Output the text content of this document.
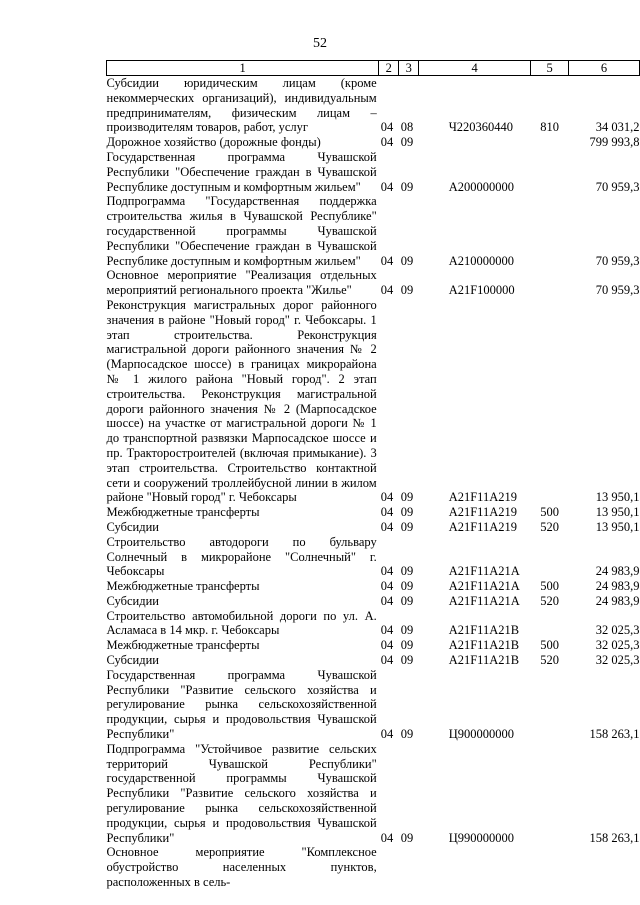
52
1	2	3	4	5	6
Субсидии юридическим лицам (кроме некоммерческих организаций), индивидуальным предпринимателям, физическим лицам – производителям товаров, работ, услуг	04	08	Ч220360440	810	34 031,2
Дорожное хозяйство (дорожные фонды)	04	09			799 993,8
Государственная программа Чувашской Республики "Обеспечение граждан в Чувашской Республике доступным и комфортным жильем"	04	09	А200000000		70 959,3
Подпрограмма "Государственная поддержка строительства жилья в Чувашской Республике" государственной программы Чувашской Республики "Обеспечение граждан в Чувашской Республике доступным и комфортным жильем"	04	09	А210000000		70 959,3
Основное мероприятие "Реализация отдельных мероприятий регионального проекта "Жилье"	04	09	А21F100000		70 959,3
Реконструкция магистральных дорог районного значения в районе "Новый город" г. Чебоксары. 1 этап строительства. Реконструкция магистральной дороги районного значения № 2 (Марпосадское шоссе) в границах микрорайона № 1 жилого района "Новый город". 2 этап строительства. Реконструкция магистральной дороги районного значения № 2 (Марпосадское шоссе) на участке от магистральной дороги № 1 до транспортной развязки Марпосадское шоссе и пр. Тракторостроителей (включая примыкание). 3 этап строительства. Строительство контактной сети и сооружений троллейбусной линии в жилом районе "Новый город" г. Чебоксары	04	09	А21F11А219		13 950,1
Межбюджетные трансферты	04	09	А21F11А219	500	13 950,1
Субсидии	04	09	А21F11А219	520	13 950,1
Строительство автодороги по бульвару Солнечный в микрорайоне "Солнечный" г. Чебоксары	04	09	А21F11А21А		24 983,9
Межбюджетные трансферты	04	09	А21F11А21А	500	24 983,9
Субсидии	04	09	А21F11А21А	520	24 983,9
Строительство автомобильной дороги по ул. А. Асламаса в 14 мкр. г. Чебоксары	04	09	А21F11А21В		32 025,3
Межбюджетные трансферты	04	09	А21F11А21В	500	32 025,3
Субсидии	04	09	А21F11А21В	520	32 025,3
Государственная программа Чувашской Республики "Развитие сельского хозяйства и регулирование рынка сельскохозяйственной продукции, сырья и продовольствия Чувашской Республики"	04	09	Ц900000000		158 263,1
Подпрограмма "Устойчивое развитие сельских территорий Чувашской Республики" государственной программы Чувашской Республики "Развитие сельского хозяйства и регулирование рынка сельскохозяйственной продукции, сырья и продовольствия Чувашской Республики"	04	09	Ц990000000		158 263,1
Основное мероприятие "Комплексное обустройство населенных пунктов, расположенных в сель-					
